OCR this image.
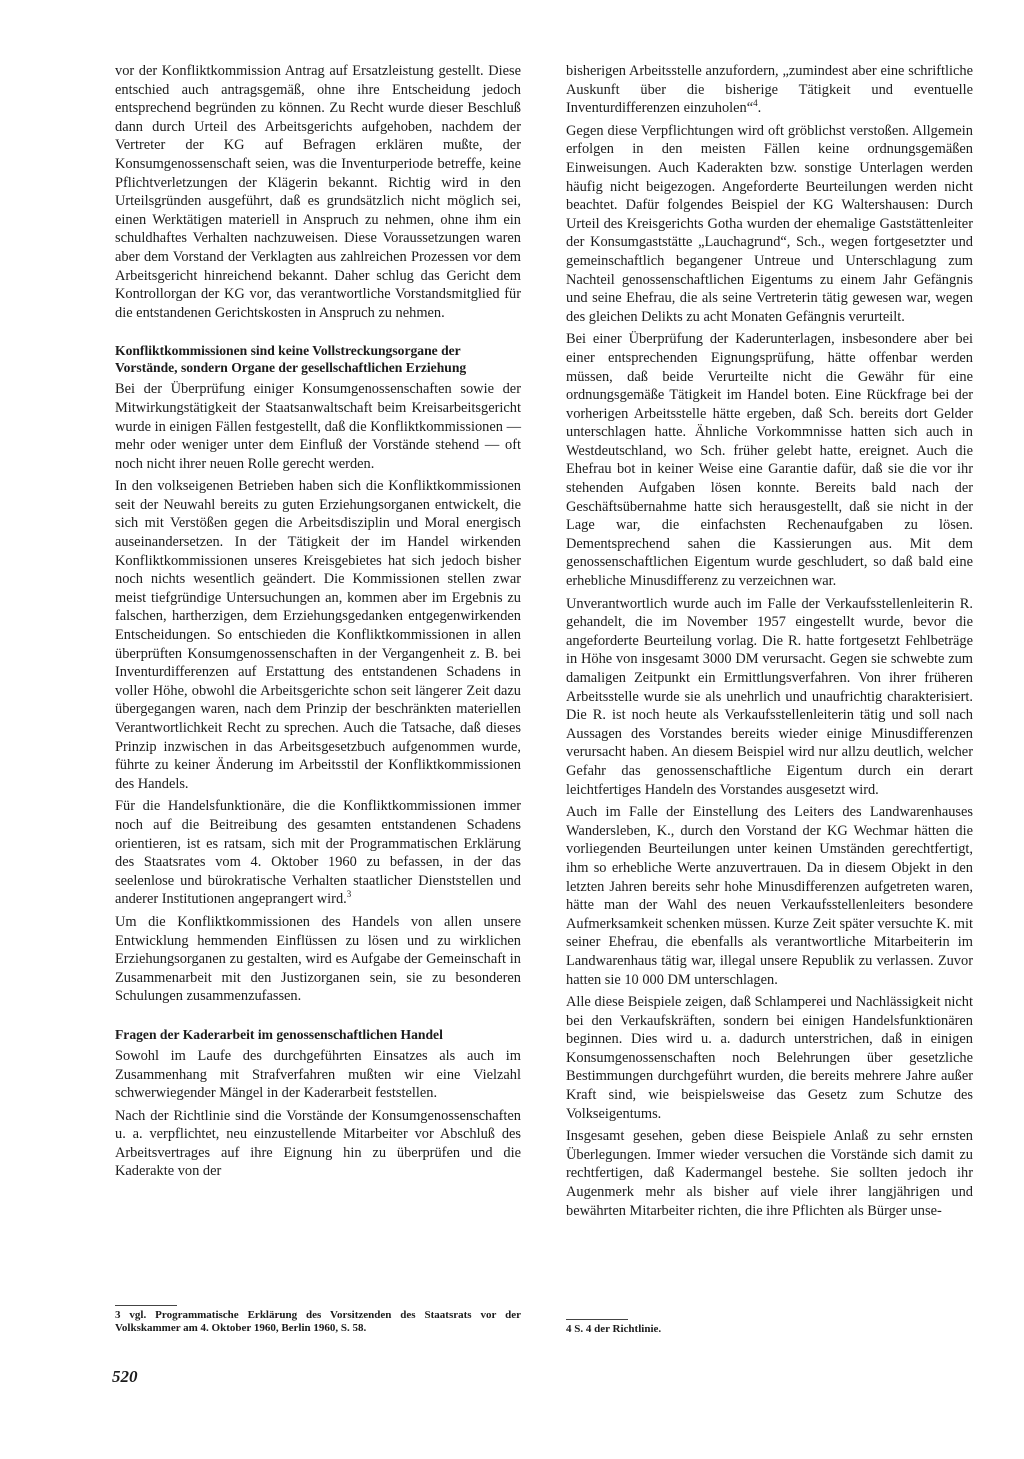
vor der Konfliktkommission Antrag auf Ersatzleistung gestellt. Diese entschied auch antragsgemäß, ohne ihre Entscheidung jedoch entsprechend begründen zu können. Zu Recht wurde dieser Beschluß dann durch Urteil des Arbeitsgerichts aufgehoben, nachdem der Vertreter der KG auf Befragen erklären mußte, der Konsumgenossenschaft seien, was die Inventurperiode betreffe, keine Pflichtverletzungen der Klägerin bekannt. Richtig wird in den Urteilsgründen ausgeführt, daß es grundsätzlich nicht möglich sei, einen Werktätigen materiell in Anspruch zu nehmen, ohne ihm ein schuldhaftes Verhalten nachzuweisen. Diese Voraussetzungen waren aber dem Vorstand der Verklagten aus zahlreichen Prozessen vor dem Arbeitsgericht hinreichend bekannt. Daher schlug das Gericht dem Kontrollorgan der KG vor, das verantwortliche Vorstandsmitglied für die entstandenen Gerichtskosten in Anspruch zu nehmen.

Konfliktkommissionen sind keine Vollstreckungsorgane der Vorstände, sondern Organe der gesellschaftlichen Erziehung

Bei der Überprüfung einiger Konsumgenossenschaften sowie der Mitwirkungstätigkeit der Staatsanwaltschaft beim Kreisarbeitsgericht wurde in einigen Fällen festgestellt, daß die Konfliktkommissionen — mehr oder weniger unter dem Einfluß der Vorstände stehend — oft noch nicht ihrer neuen Rolle gerecht werden.

In den volkseigenen Betrieben haben sich die Konfliktkommissionen seit der Neuwahl bereits zu guten Erziehungsorganen entwickelt, die sich mit Verstößen gegen die Arbeitsdisziplin und Moral energisch auseinandersetzen. In der Tätigkeit der im Handel wirkenden Konfliktkommissionen unseres Kreisgebietes hat sich jedoch bisher noch nichts wesentlich geändert. Die Kommissionen stellen zwar meist tiefgründige Untersuchungen an, kommen aber im Ergebnis zu falschen, hartherzigen, dem Erziehungsgedanken entgegenwirkenden Entscheidungen. So entschieden die Konfliktkommissionen in allen überprüften Konsumgenossenschaften in der Vergangenheit z. B. bei Inventurdifferenzen auf Erstattung des entstandenen Schadens in voller Höhe, obwohl die Arbeitsgerichte schon seit längerer Zeit dazu übergegangen waren, nach dem Prinzip der beschränkten materiellen Verantwortlichkeit Recht zu sprechen. Auch die Tatsache, daß dieses Prinzip inzwischen in das Arbeitsgesetzbuch aufgenommen wurde, führte zu keiner Änderung im Arbeitsstil der Konfliktkommissionen des Handels.

Für die Handelsfunktionäre, die die Konfliktkommissionen immer noch auf die Beitreibung des gesamten entstandenen Schadens orientieren, ist es ratsam, sich mit der Programmatischen Erklärung des Staatsrates vom 4. Oktober 1960 zu befassen, in der das seelenlose und bürokratische Verhalten staatlicher Dienststellen und anderer Institutionen angeprangert wird.$^3$

Um die Konfliktkommissionen des Handels von allen unsere Entwicklung hemmenden Einflüssen zu lösen und zu wirklichen Erziehungsorganen zu gestalten, wird es Aufgabe der Gemeinschaft in Zusammenarbeit mit den Justizorganen sein, sie zu besonderen Schulungen zusammenzufassen.

Fragen der Kaderarbeit im genossenschaftlichen Handel

Sowohl im Laufe des durchgeführten Einsatzes als auch im Zusammenhang mit Strafverfahren mußten wir eine Vielzahl schwerwiegender Mängel in der Kaderarbeit feststellen.

Nach der Richtlinie sind die Vorstände der Konsumgenossenschaften u. a. verpflichtet, neu einzustellende Mitarbeiter vor Abschluß des Arbeitsvertrages auf ihre Eignung hin zu überprüfen und die Kaderakte von der

bisherigen Arbeitsstelle anzufordern, „zumindest aber eine schriftliche Auskunft über die bisherige Tätigkeit und eventuelle Inventurdifferenzen einzuholen“$^4$.

Gegen diese Verpflichtungen wird oft gröblichst verstoßen. Allgemein erfolgen in den meisten Fällen keine ordnungsgemäßen Einweisungen. Auch Kaderakten bzw. sonstige Unterlagen werden häufig nicht beigezogen. Angeforderte Beurteilungen werden nicht beachtet. Dafür folgendes Beispiel der KG Waltershausen: Durch Urteil des Kreisgerichts Gotha wurden der ehemalige Gaststättenleiter der Konsumgaststätte „Lauchagrund“, Sch., wegen fortgesetzter und gemeinschaftlich begangener Untreue und Unterschlagung zum Nachteil genossenschaftlichen Eigentums zu einem Jahr Gefängnis und seine Ehefrau, die als seine Vertreterin tätig gewesen war, wegen des gleichen Delikts zu acht Monaten Gefängnis verurteilt.

Bei einer Überprüfung der Kaderunterlagen, insbesondere aber bei einer entsprechenden Eignungsprüfung, hätte offenbar werden müssen, daß beide Verurteilte nicht die Gewähr für eine ordnungsgemäße Tätigkeit im Handel boten. Eine Rückfrage bei der vorherigen Arbeitsstelle hätte ergeben, daß Sch. bereits dort Gelder unterschlagen hatte. Ähnliche Vorkommnisse hatten sich auch in Westdeutschland, wo Sch. früher gelebt hatte, ereignet. Auch die Ehefrau bot in keiner Weise eine Garantie dafür, daß sie die vor ihr stehenden Aufgaben lösen konnte. Bereits bald nach der Geschäftsübernahme hatte sich herausgestellt, daß sie nicht in der Lage war, die einfachsten Rechenaufgaben zu lösen. Dementsprechend sahen die Kassierungen aus. Mit dem genossenschaftlichen Eigentum wurde geschludert, so daß bald eine erhebliche Minusdifferenz zu verzeichnen war.

Unverantwortlich wurde auch im Falle der Verkaufsstellenleiterin R. gehandelt, die im November 1957 eingestellt wurde, bevor die angeforderte Beurteilung vorlag. Die R. hatte fortgesetzt Fehlbeträge in Höhe von insgesamt 3000 DM verursacht. Gegen sie schwebte zum damaligen Zeitpunkt ein Ermittlungsverfahren. Von ihrer früheren Arbeitsstelle wurde sie als unehrlich und unaufrichtig charakterisiert. Die R. ist noch heute als Verkaufsstellenleiterin tätig und soll nach Aussagen des Vorstandes bereits wieder einige Minusdifferenzen verursacht haben. An diesem Beispiel wird nur allzu deutlich, welcher Gefahr das genossenschaftliche Eigentum durch ein derart leichtfertiges Handeln des Vorstandes ausgesetzt wird.

Auch im Falle der Einstellung des Leiters des Landwarenhauses Wandersleben, K., durch den Vorstand der KG Wechmar hätten die vorliegenden Beurteilungen unter keinen Umständen gerechtfertigt, ihm so erhebliche Werte anzuvertrauen. Da in diesem Objekt in den letzten Jahren bereits sehr hohe Minusdifferenzen aufgetreten waren, hätte man der Wahl des neuen Verkaufsstellenleiters besondere Aufmerksamkeit schenken müssen. Kurze Zeit später versuchte K. mit seiner Ehefrau, die ebenfalls als verantwortliche Mitarbeiterin im Landwarenhaus tätig war, illegal unsere Republik zu verlassen. Zuvor hatten sie 10 000 DM unterschlagen.

Alle diese Beispiele zeigen, daß Schlamperei und Nachlässigkeit nicht bei den Verkaufskräften, sondern bei einigen Handelsfunktionären beginnen. Dies wird u. a. dadurch unterstrichen, daß in einigen Konsumgenossenschaften noch Belehrungen über gesetzliche Bestimmungen durchgeführt wurden, die bereits mehrere Jahre außer Kraft sind, wie beispielsweise das Gesetz zum Schutze des Volkseigentums.

Insgesamt gesehen, geben diese Beispiele Anlaß zu sehr ernsten Überlegungen. Immer wieder versuchen die Vorstände sich damit zu rechtfertigen, daß Kadermangel bestehe. Sie sollten jedoch ihr Augenmerk mehr als bisher auf viele ihrer langjährigen und bewährten Mitarbeiter richten, die ihre Pflichten als Bürger unse-

3 vgl. Programmatische Erklärung des Vorsitzenden des Staatsrats vor der Volkskammer am 4. Oktober 1960, Berlin 1960, S. 58.	4 S. 4 der Richtlinie.
520
